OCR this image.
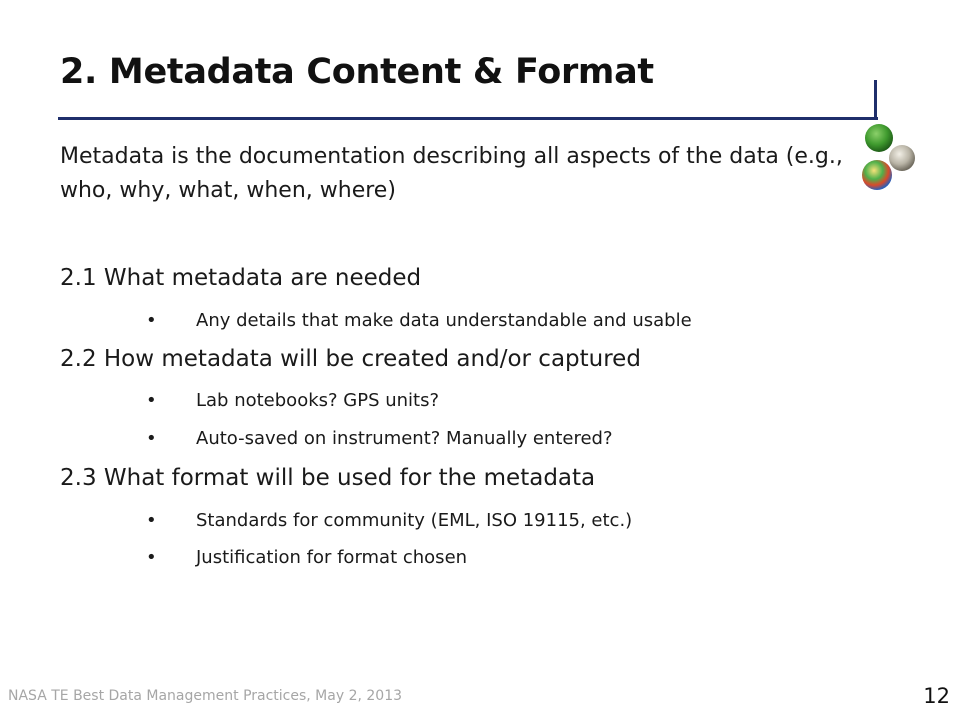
2. Metadata Content & Format
Metadata is the documentation describing all aspects of the data (e.g., who, why, what, when, where)
2.1 What metadata are needed
• Any details that make data understandable and usable
2.2 How metadata will be created and/or captured
• Lab notebooks? GPS units?
• Auto-saved on instrument? Manually entered?
2.3 What format will be used for the metadata
• Standards for community (EML, ISO 19115, etc.)
• Justification for format chosen
NASA TE Best Data Management Practices, May 2, 2013	12
